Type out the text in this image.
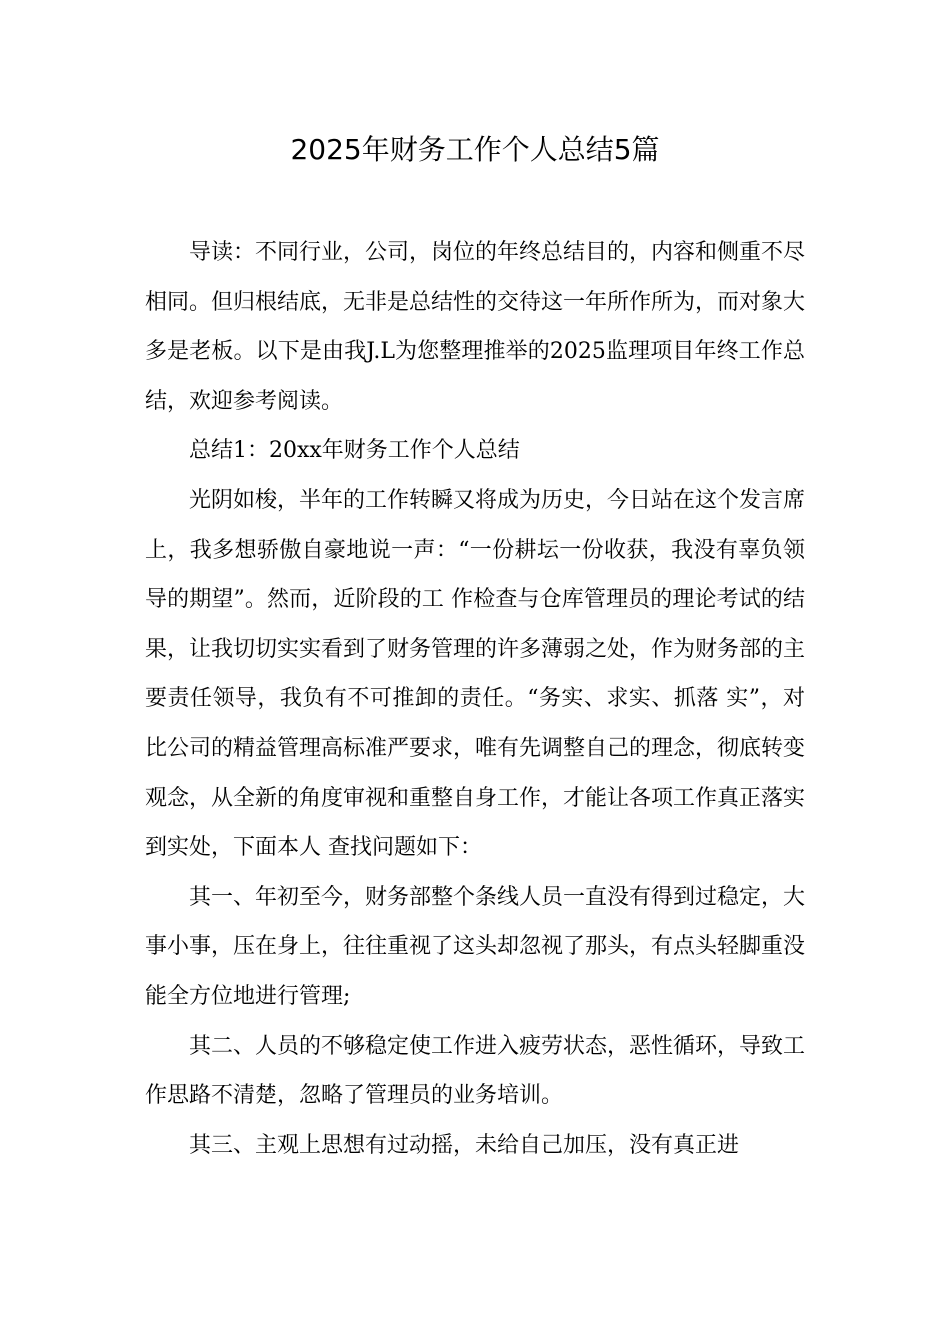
2025年财务工作个人总结5篇

导读：不同行业，公司，岗位的年终总结目的，内容和侧重不尽相同。但归根结底，无非是总结性的交待这一年所作所为，而对象大多是老板。以下是由我J.L为您整理推举的2025监理项目年终工作总结，欢迎参考阅读。

总结1：20xx年财务工作个人总结

光阴如梭，半年的工作转瞬又将成为历史，今日站在这个发言席上，我多想骄傲自豪地说一声：“一份耕坛一份收获，我没有辜负领导的期望”。然而，近阶段的工 作检查与仓库管理员的理论考试的结果，让我切切实实看到了财务管理的许多薄弱之处，作为财务部的主要责任领导，我负有不可推卸的责任。“务实、求实、抓落 实”，对比公司的精益管理高标准严要求，唯有先调整自己的理念，彻底转变观念，从全新的角度审视和重整自身工作，才能让各项工作真正落实到实处，下面本人 查找问题如下：

其一、年初至今，财务部整个条线人员一直没有得到过稳定，大事小事，压在身上，往往重视了这头却忽视了那头，有点头轻脚重没能全方位地进行管理;

其二、人员的不够稳定使工作进入疲劳状态，恶性循环，导致工作思路不清楚，忽略了管理员的业务培训。

其三、主观上思想有过动摇，未给自己加压，没有真正进
